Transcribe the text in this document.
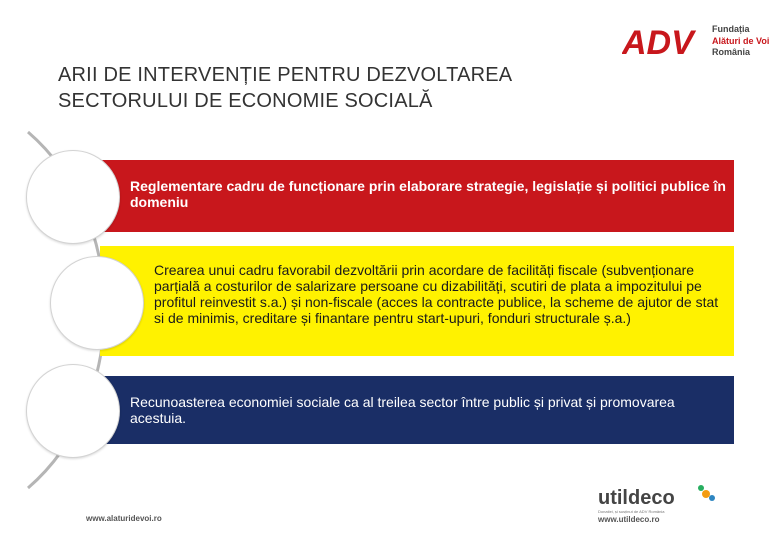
ADV	Fundația
Alături de Voi
România
ARII DE INTERVENȚIE PENTRU DEZVOLTAREA
SECTORULUI DE ECONOMIE SOCIALĂ
Reglementare cadru de funcționare prin elaborare strategie, legislație și politici publice în domeniu
Crearea unui cadru favorabil dezvoltării prin acordare de facilități fiscale (subvenționare parțială a costurilor de salarizare persoane cu dizabilități, scutiri de plata a impozitului pe profitul reinvestit s.a.) și non-fiscale (acces la contracte publice, la scheme de ajutor de stat si de minimis, creditare și finantare pentru start-upuri, fonduri structurale ș.a.)
Recunoasterea economiei sociale ca al treilea sector între public și privat și promovarea acestuia.
www.alaturidevoi.ro
utildeco
Donatiei, și susținut de ADV România
www.utildeco.ro
